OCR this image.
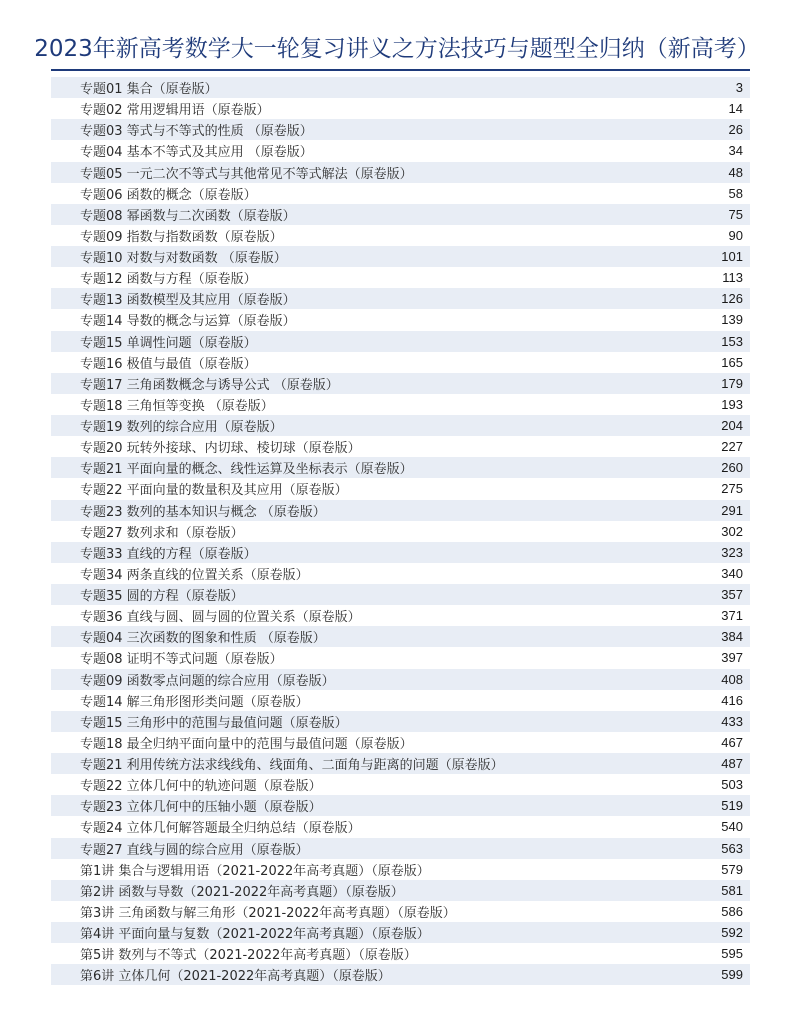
2023年新高考数学大一轮复习讲义之方法技巧与题型全归纳（新高考）
专题01 集合（原卷版）	3
专题02 常用逻辑用语（原卷版）	14
专题03 等式与不等式的性质 （原卷版）	26
专题04 基本不等式及其应用 （原卷版）	34
专题05 一元二次不等式与其他常见不等式解法（原卷版）	48
专题06 函数的概念（原卷版）	58
专题08 幂函数与二次函数（原卷版）	75
专题09 指数与指数函数（原卷版）	90
专题10 对数与对数函数 （原卷版）	101
专题12 函数与方程（原卷版）	113
专题13 函数模型及其应用（原卷版）	126
专题14 导数的概念与运算（原卷版）	139
专题15 单调性问题（原卷版）	153
专题16 极值与最值（原卷版）	165
专题17 三角函数概念与诱导公式 （原卷版）	179
专题18 三角恒等变换 （原卷版）	193
专题19 数列的综合应用（原卷版）	204
专题20 玩转外接球、内切球、棱切球（原卷版）	227
专题21 平面向量的概念、线性运算及坐标表示（原卷版）	260
专题22 平面向量的数量积及其应用（原卷版）	275
专题23 数列的基本知识与概念 （原卷版）	291
专题27 数列求和（原卷版）	302
专题33 直线的方程（原卷版）	323
专题34 两条直线的位置关系（原卷版）	340
专题35 圆的方程（原卷版）	357
专题36 直线与圆、圆与圆的位置关系（原卷版）	371
专题04 三次函数的图象和性质 （原卷版）	384
专题08 证明不等式问题（原卷版）	397
专题09 函数零点问题的综合应用（原卷版）	408
专题14 解三角形图形类问题（原卷版）	416
专题15 三角形中的范围与最值问题（原卷版）	433
专题18 最全归纳平面向量中的范围与最值问题（原卷版）	467
专题21 利用传统方法求线线角、线面角、二面角与距离的问题（原卷版）	487
专题22 立体几何中的轨迹问题（原卷版）	503
专题23 立体几何中的压轴小题（原卷版）	519
专题24 立体几何解答题最全归纳总结（原卷版）	540
专题27 直线与圆的综合应用（原卷版）	563
第1讲 集合与逻辑用语（2021-2022年高考真题）（原卷版）	579
第2讲 函数与导数（2021-2022年高考真题）（原卷版）	581
第3讲 三角函数与解三角形（2021-2022年高考真题）（原卷版）	586
第4讲 平面向量与复数（2021-2022年高考真题）（原卷版）	592
第5讲 数列与不等式（2021-2022年高考真题）（原卷版）	595
第6讲 立体几何（2021-2022年高考真题）（原卷版）	599
